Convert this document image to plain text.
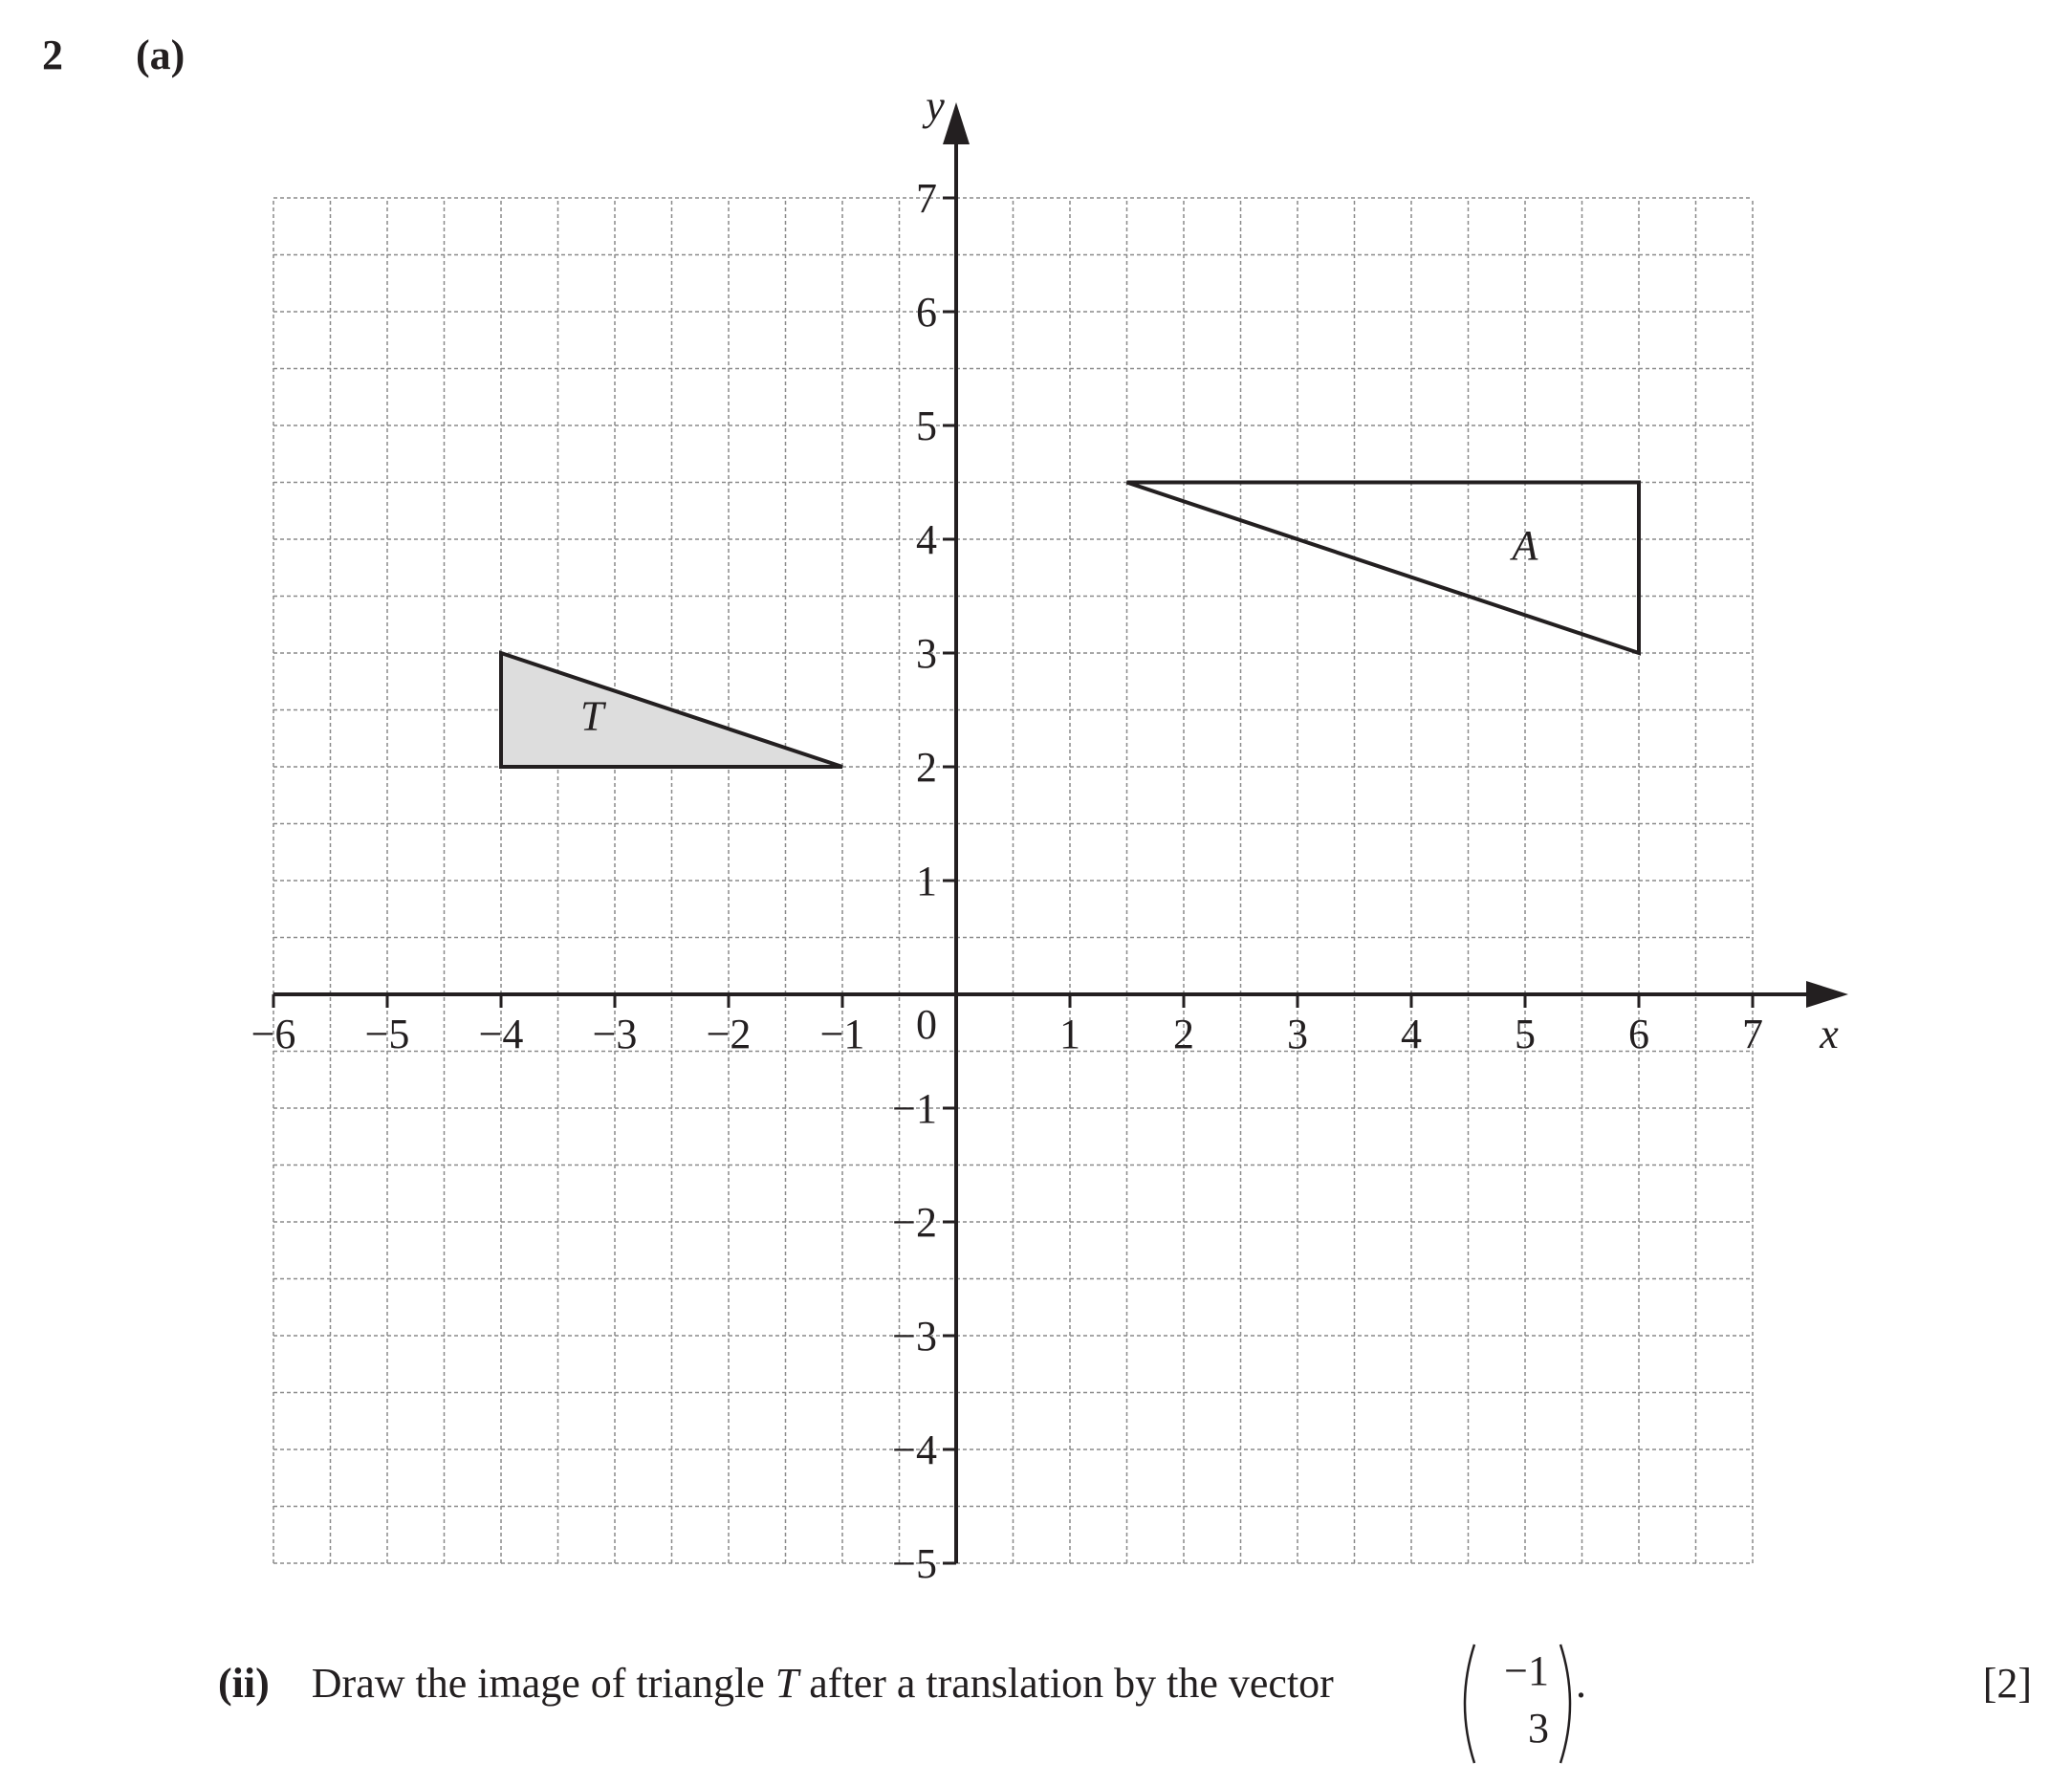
2 (a)
T
A
−6 −5 −4 −3 −2 −1	1 2 3 4 5 6 7
−5
−4
−3
−2
−1
1
2
3
4
5
6
7
0	x
y
(ii) Draw the image of triangle T after a translation by the vector	−1
3
.	[2]
